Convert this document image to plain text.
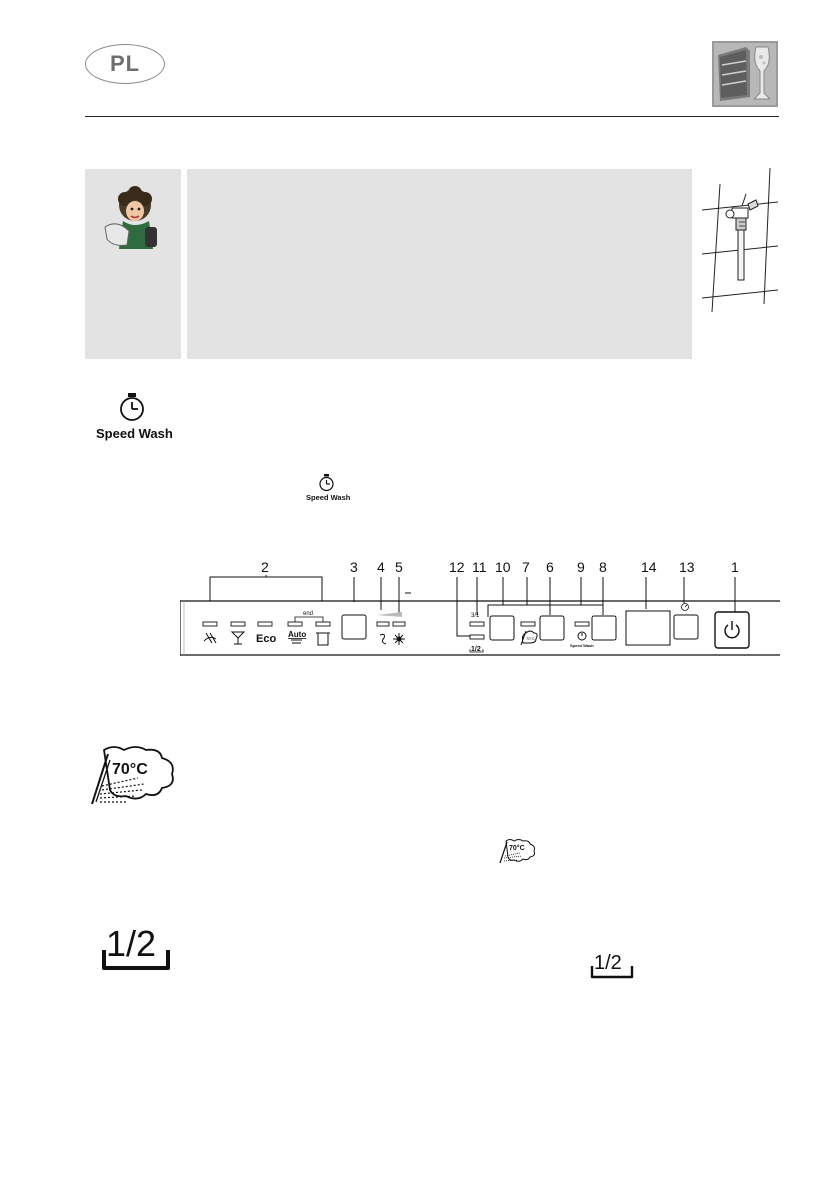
PL
Speed Wash
Speed Wash
2	3 4 5	12 11 10 7 6 9 8 14 13	1
end	3/1
1/2
Eco Auto	70°C
Speed Wash
70°C
70°C
1/2	1/2
